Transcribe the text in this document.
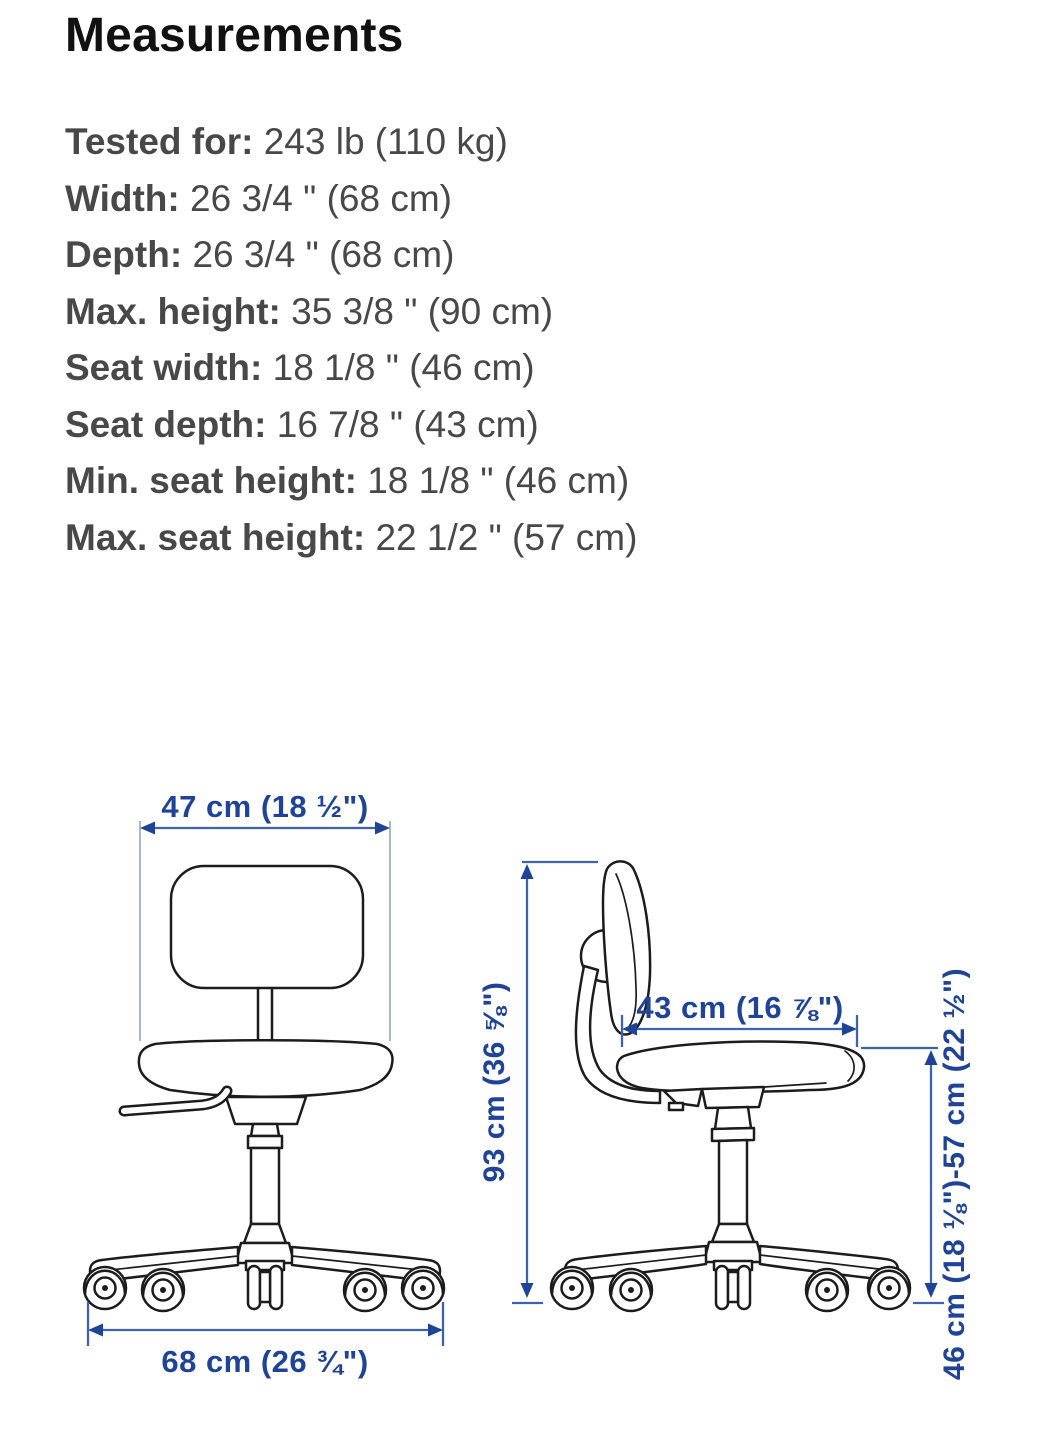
Measurements
Tested for: 243 lb (110 kg)
Width: 26 3/4 " (68 cm)
Depth: 26 3/4 " (68 cm)
Max. height: 35 3/8 " (90 cm)
Seat width: 18 1/8 " (46 cm)
Seat depth: 16 7/8 " (43 cm)
Min. seat height: 18 1/8 " (46 cm)
Max. seat height: 22 1/2 " (57 cm)
47 cm (18 ½")
68 cm (26 ¾")
93 cm (36 ⅝")	43 cm (16 ⅞")	46 cm (18 ⅛")-57 cm (22 ½")
